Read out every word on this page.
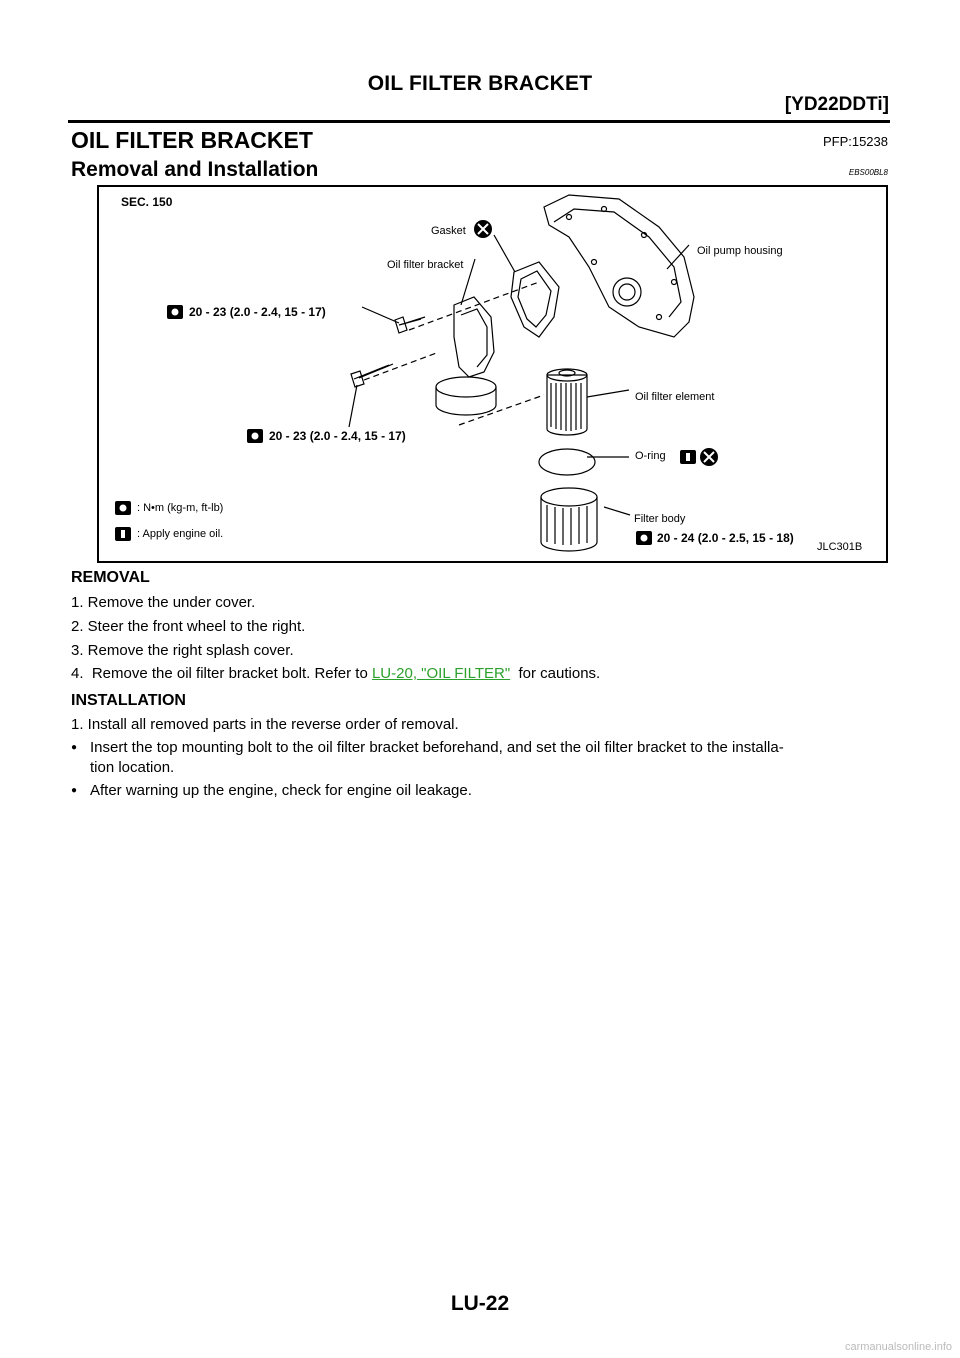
OIL FILTER BRACKET
[YD22DDTi]
OIL FILTER BRACKET	PFP:15238
Removal and Installation	EBS00BL8
SEC. 150
Gasket
Oil filter bracket
Oil pump housing
20 - 23 (2.0 - 2.4, 15 - 17)
20 - 23 (2.0 - 2.4, 15 - 17)
Oil filter element
O-ring
Filter body
20 - 24 (2.0 - 2.5, 15 - 18)
: N•m (kg-m, ft-lb)
: Apply engine oil.
JLC301B
REMOVAL
1. Remove the under cover.
2. Steer the front wheel to the right.
3. Remove the right splash cover.
4.  Remove the oil filter bracket bolt. Refer to LU-20, "OIL FILTER"  for cautions.
INSTALLATION
1. Install all removed parts in the reverse order of removal.
● Insert the top mounting bolt to the oil filter bracket beforehand, and set the oil filter bracket to the installa-
tion location.
● After warning up the engine, check for engine oil leakage.
LU-22
carmanualsonline.info
